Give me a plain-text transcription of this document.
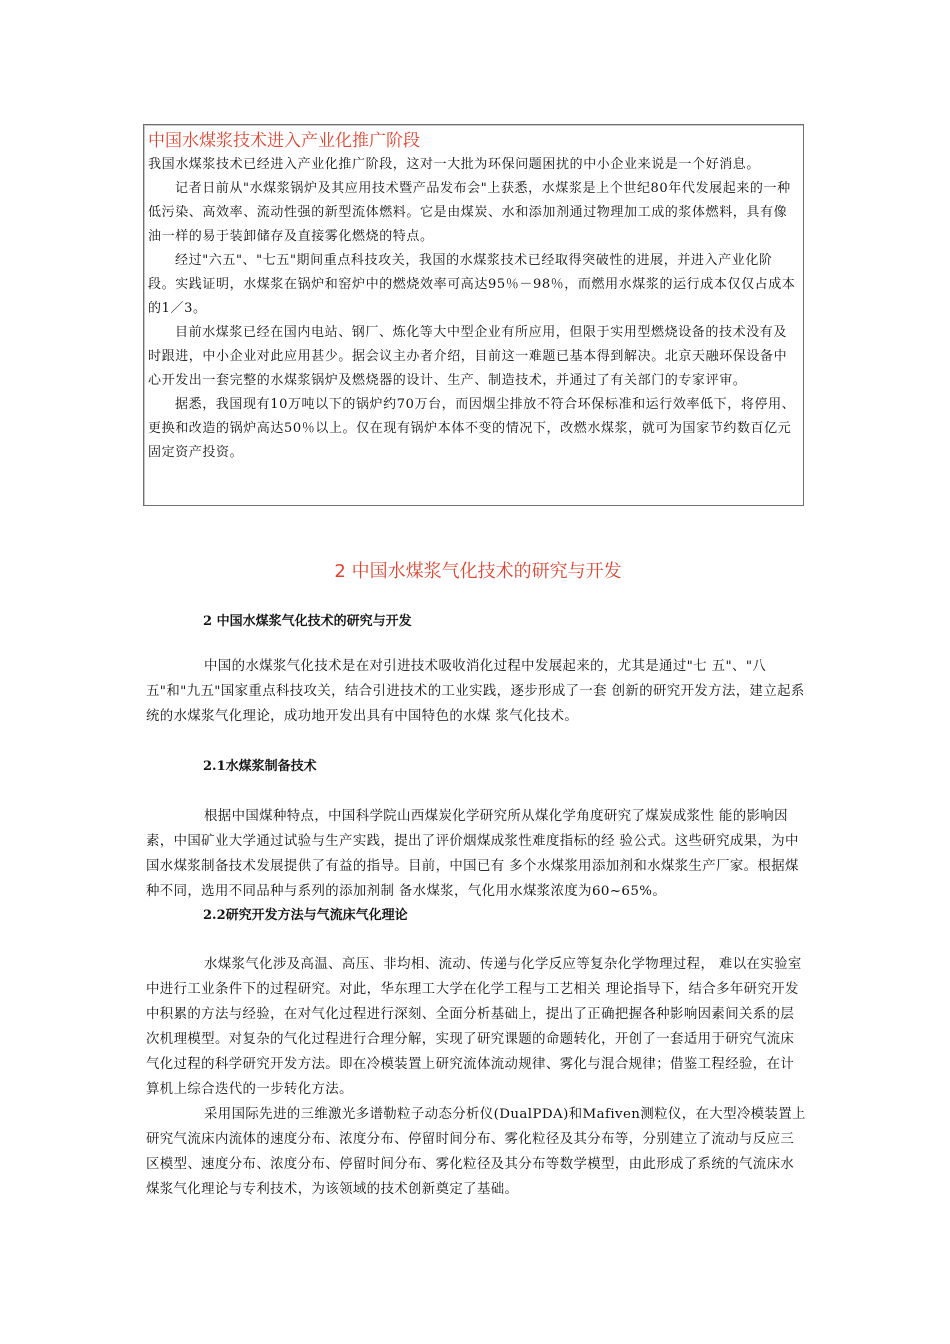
中国水煤浆技术进入产业化推广阶段

我国水煤浆技术已经进入产业化推广阶段，这对一大批为环保问题困扰的中小企业来说是一个好消息。

记者日前从"水煤浆锅炉及其应用技术暨产品发布会"上获悉，水煤浆是上个世纪80年代发展起来的一种低污染、高效率、流动性强的新型流体燃料。它是由煤炭、水和添加剂通过物理加工成的浆体燃料，具有像油一样的易于装卸储存及直接雾化燃烧的特点。

经过"六五"、"七五"期间重点科技攻关，我国的水煤浆技术已经取得突破性的进展，并进入产业化阶段。实践证明，水煤浆在锅炉和窑炉中的燃烧效率可高达95％－98％，而燃用水煤浆的运行成本仅仅占成本的1／3。

目前水煤浆已经在国内电站、钢厂、炼化等大中型企业有所应用，但限于实用型燃烧设备的技术没有及时跟进，中小企业对此应用甚少。据会议主办者介绍，目前这一难题已基本得到解决。北京天融环保设备中心开发出一套完整的水煤浆锅炉及燃烧器的设计、生产、制造技术，并通过了有关部门的专家评审。

据悉，我国现有10万吨以下的锅炉约70万台，而因烟尘排放不符合环保标准和运行效率低下，将停用、更换和改造的锅炉高达50％以上。仅在现有锅炉本体不变的情况下，改燃水煤浆，就可为国家节约数百亿元固定资产投资。

2 中国水煤浆气化技术的研究与开发
2 中国水煤浆气化技术的研究与开发

中国的水煤浆气化技术是在对引进技术吸收消化过程中发展起来的，尤其是通过"七 五"、"八五"和"九五"国家重点科技攻关，结合引进技术的工业实践，逐步形成了一套 创新的研究开发方法，建立起系统的水煤浆气化理论，成功地开发出具有中国特色的水煤 浆气化技术。

2.1水煤浆制备技术

根据中国煤种特点，中国科学院山西煤炭化学研究所从煤化学角度研究了煤炭成浆性 能的影响因素，中国矿业大学通过试验与生产实践，提出了评价烟煤成浆性难度指标的经 验公式。这些研究成果，为中国水煤浆制备技术发展提供了有益的指导。目前，中国已有 多个水煤浆用添加剂和水煤浆生产厂家。根据煤种不同，选用不同品种与系列的添加剂制 备水煤浆，气化用水煤浆浓度为60~65%。

2.2研究开发方法与气流床气化理论

水煤浆气化涉及高温、高压、非均相、流动、传递与化学反应等复杂化学物理过程， 难以在实验室中进行工业条件下的过程研究。对此，华东理工大学在化学工程与工艺相关 理论指导下，结合多年研究开发中积累的方法与经验，在对气化过程进行深刻、全面分析基础上，提出了正确把握各种影响因素间关系的层次机理模型。对复杂的气化过程进行合理分解，实现了研究课题的命题转化，开创了一套适用于研究气流床气化过程的科学研究开发方法。即在冷模装置上研究流体流动规律、雾化与混合规律；借鉴工程经验，在计算机上综合迭代的一步转化方法。

采用国际先进的三维激光多谱勒粒子动态分析仪(DualPDA)和Mafiven测粒仪，在大型冷模装置上研究气流床内流体的速度分布、浓度分布、停留时间分布、雾化粒径及其分布等，分别建立了流动与反应三区模型、速度分布、浓度分布、停留时间分布、雾化粒径及其分布等数学模型，由此形成了系统的气流床水煤浆气化理论与专利技术，为该领域的技术创新奠定了基础。
